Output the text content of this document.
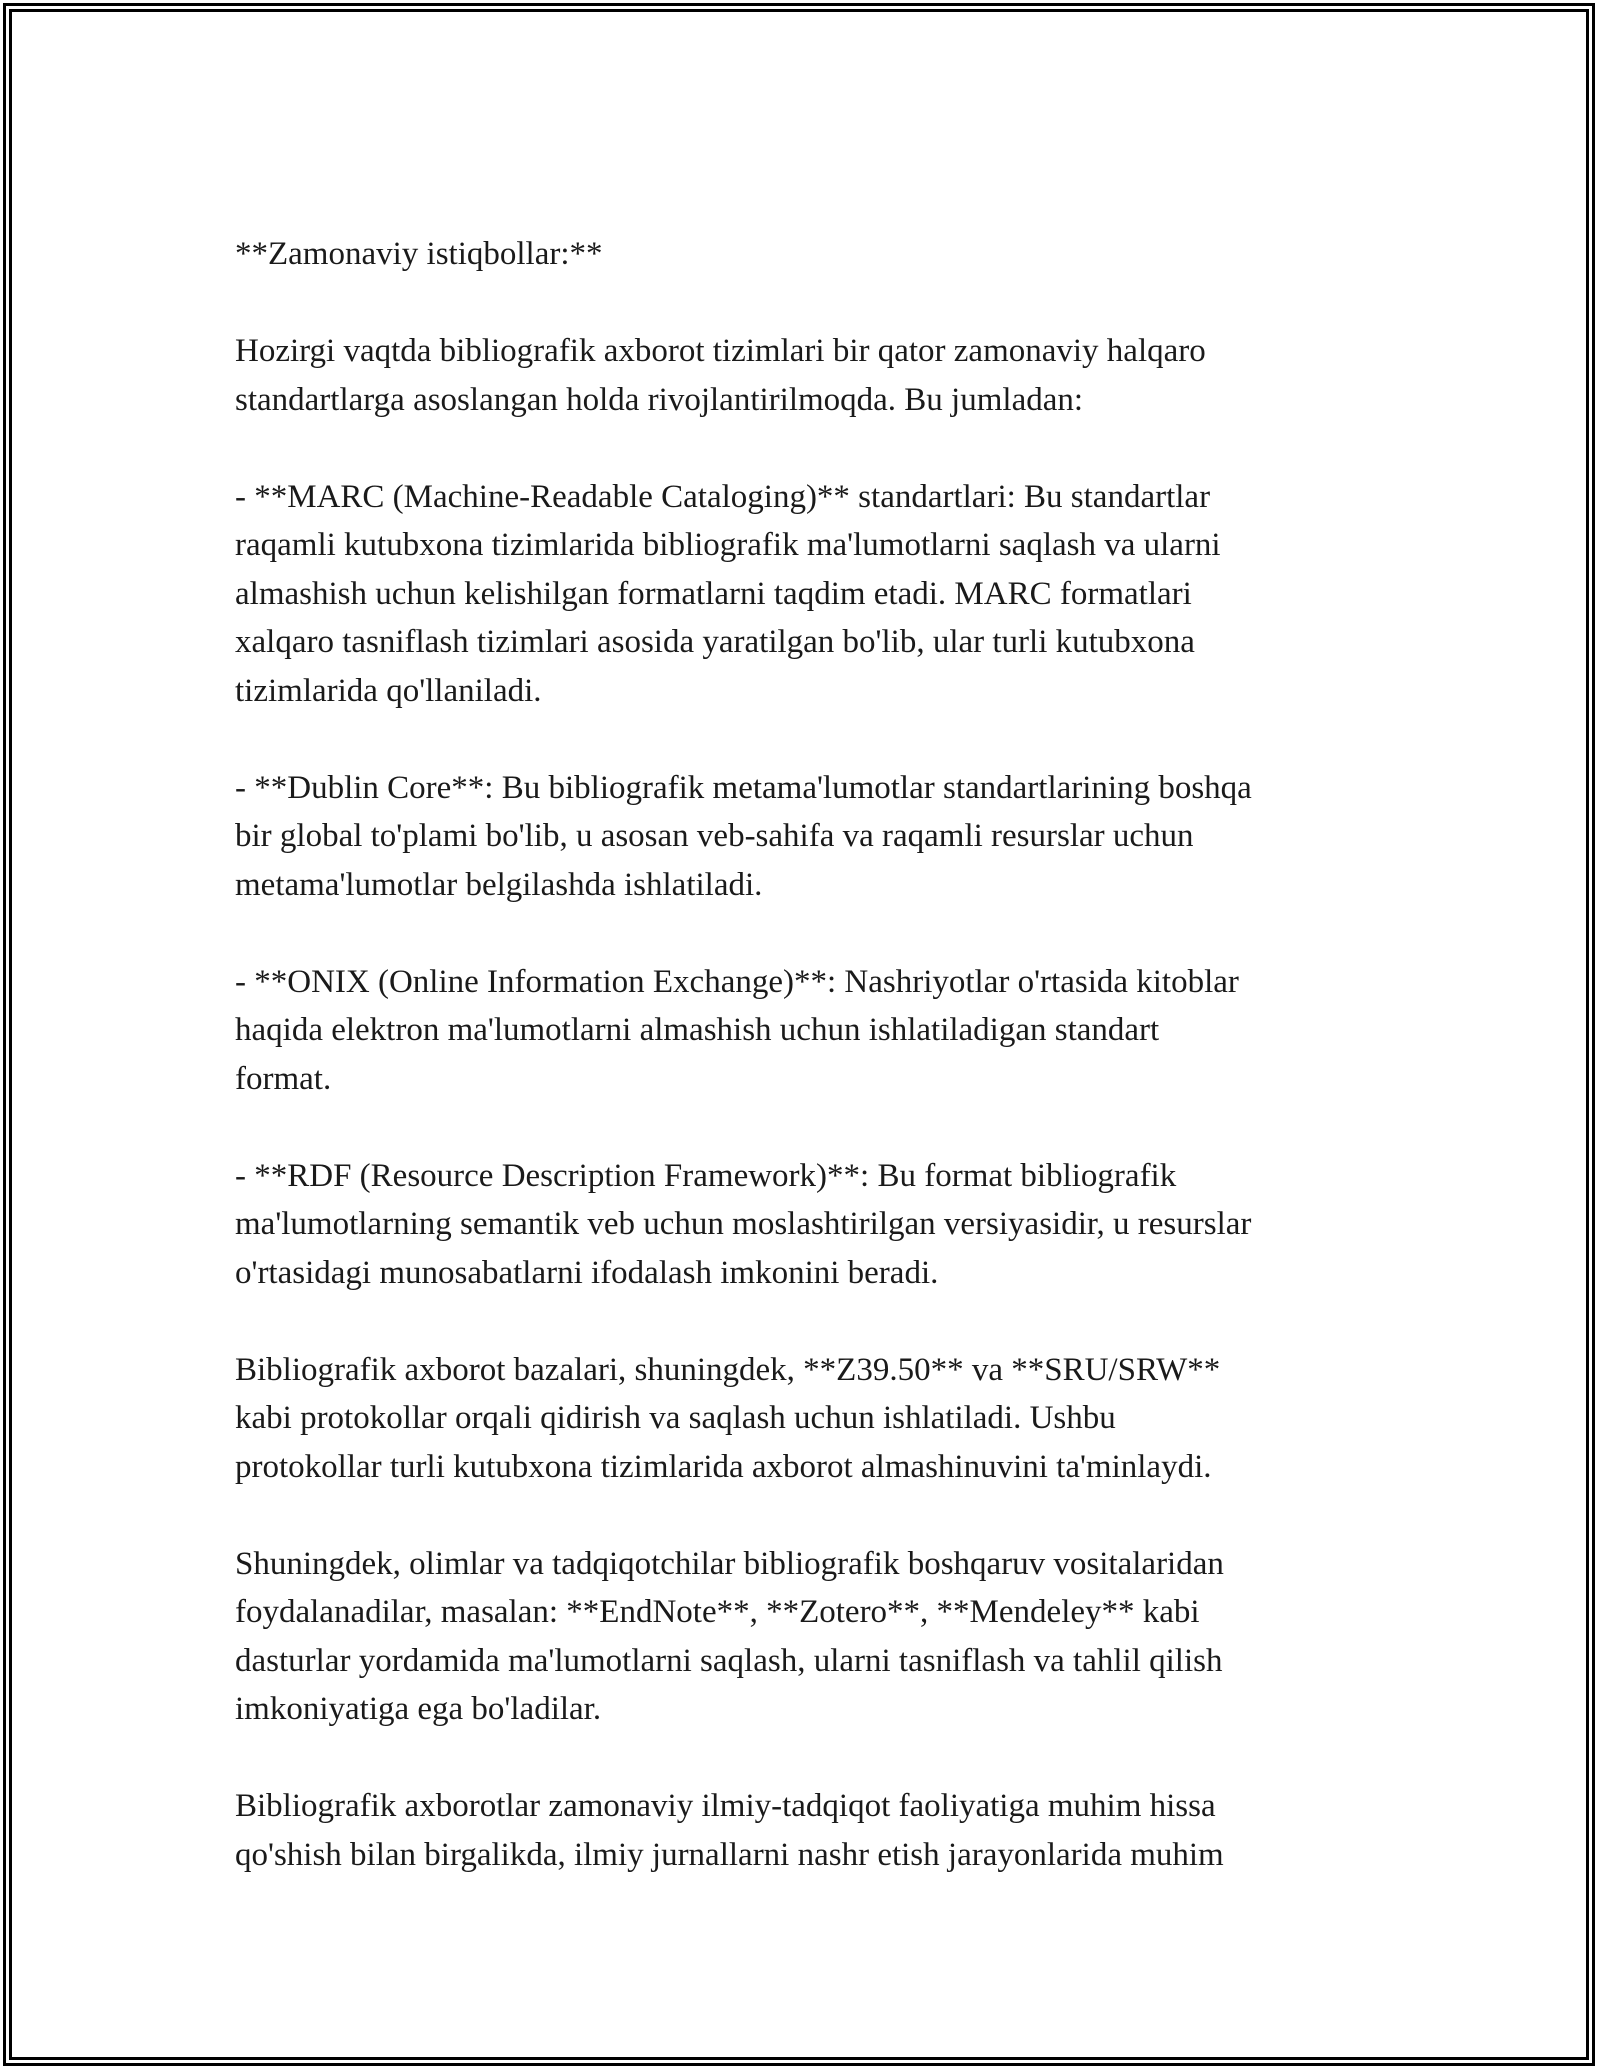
**Zamonaviy istiqbollar:**

Hozirgi vaqtda bibliografik axborot tizimlari bir qator zamonaviy halqaro
standartlarga asoslangan holda rivojlantirilmoqda. Bu jumladan:

- **MARC (Machine-Readable Cataloging)** standartlari: Bu standartlar
raqamli kutubxona tizimlarida bibliografik ma'lumotlarni saqlash va ularni
almashish uchun kelishilgan formatlarni taqdim etadi. MARC formatlari
xalqaro tasniflash tizimlari asosida yaratilgan bo'lib, ular turli kutubxona
tizimlarida qo'llaniladi.

- **Dublin Core**: Bu bibliografik metama'lumotlar standartlarining boshqa
bir global to'plami bo'lib, u asosan veb-sahifa va raqamli resurslar uchun
metama'lumotlar belgilashda ishlatiladi.

- **ONIX (Online Information Exchange)**: Nashriyotlar o'rtasida kitoblar
haqida elektron ma'lumotlarni almashish uchun ishlatiladigan standart
format.

- **RDF (Resource Description Framework)**: Bu format bibliografik
ma'lumotlarning semantik veb uchun moslashtirilgan versiyasidir, u resurslar
o'rtasidagi munosabatlarni ifodalash imkonini beradi.

Bibliografik axborot bazalari, shuningdek, **Z39.50** va **SRU/SRW**
kabi protokollar orqali qidirish va saqlash uchun ishlatiladi. Ushbu
protokollar turli kutubxona tizimlarida axborot almashinuvini ta'minlaydi.

Shuningdek, olimlar va tadqiqotchilar bibliografik boshqaruv vositalaridan
foydalanadilar, masalan: **EndNote**, **Zotero**, **Mendeley** kabi
dasturlar yordamida ma'lumotlarni saqlash, ularni tasniflash va tahlil qilish
imkoniyatiga ega bo'ladilar.

Bibliografik axborotlar zamonaviy ilmiy-tadqiqot faoliyatiga muhim hissa
qo'shish bilan birgalikda, ilmiy jurnallarni nashr etish jarayonlarida muhim
